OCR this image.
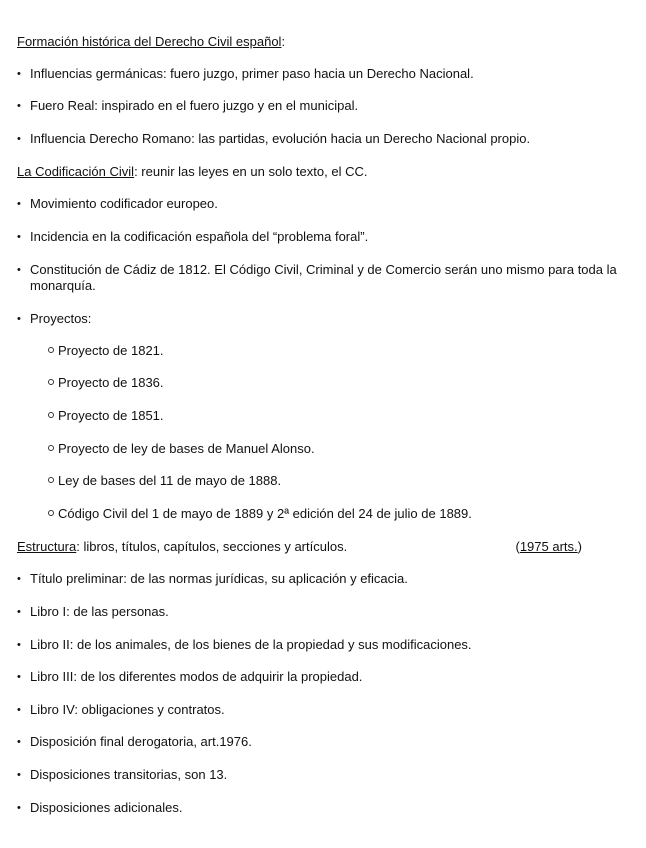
Formación histórica del Derecho Civil español:
• Influencias germánicas: fuero juzgo, primer paso hacia un Derecho Nacional.
• Fuero Real: inspirado en el fuero juzgo y en el municipal.
• Influencia Derecho Romano: las partidas, evolución hacia un Derecho Nacional propio.
La Codificación Civil: reunir las leyes en un solo texto, el CC.
• Movimiento codificador europeo.
• Incidencia en la codificación española del “problema foral”.
• Constitución de Cádiz de 1812. El Código Civil, Criminal y de Comercio serán uno mismo para toda la monarquía.
• Proyectos:
Proyecto de 1821.
Proyecto de 1836.
Proyecto de 1851.
Proyecto de ley de bases de Manuel Alonso.
Ley de bases del 11 de mayo de 1888.
Código Civil del 1 de mayo de 1889 y 2ª edición del 24 de julio de 1889.
Estructura: libros, títulos, capítulos, secciones y artículos.	(1975 arts.)
• Título preliminar: de las normas jurídicas, su aplicación y eficacia.
• Libro I: de las personas.
• Libro II: de los animales, de los bienes de la propiedad y sus modificaciones.
• Libro III: de los diferentes modos de adquirir la propiedad.
• Libro IV: obligaciones y contratos.
• Disposición final derogatoria, art.1976.
• Disposiciones transitorias, son 13.
• Disposiciones adicionales.
